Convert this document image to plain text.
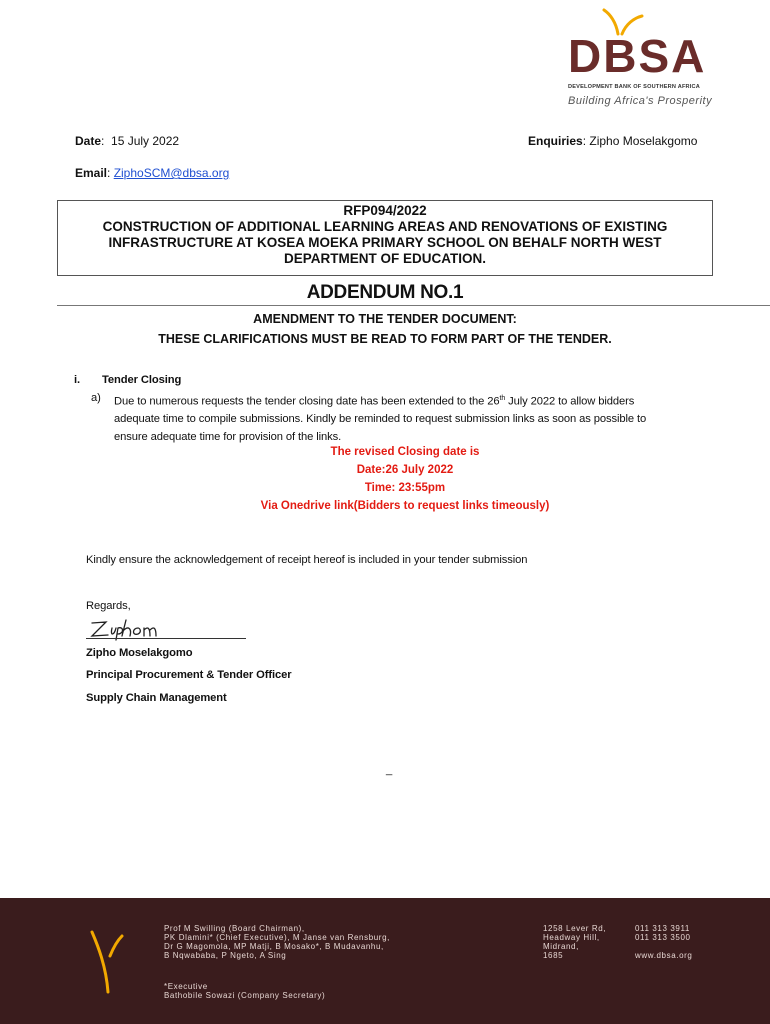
DBSA
DEVELOPMENT BANK OF SOUTHERN AFRICA
Building Africa's Prosperity
Date:  15 July 2022	Enquiries: Zipho Moselakgomo
Email: ZiphoSCM@dbsa.org
RFP094/2022
CONSTRUCTION OF ADDITIONAL LEARNING AREAS AND RENOVATIONS OF EXISTING
INFRASTRUCTURE AT KOSEA MOEKA PRIMARY SCHOOL ON BEHALF NORTH WEST
DEPARTMENT OF EDUCATION.
ADDENDUM NO.1
AMENDMENT TO THE TENDER DOCUMENT:
THESE CLARIFICATIONS MUST BE READ TO FORM PART OF THE TENDER.
i. Tender Closing
a) Due to numerous requests the tender closing date has been extended to the 26th July 2022 to allow bidders
adequate time to compile submissions. Kindly be reminded to request submission links as soon as possible to
ensure adequate time for provision of the links.
The revised Closing date is
Date:26 July 2022
Time: 23:55pm
Via Onedrive link(Bidders to request links timeously)
Kindly ensure the acknowledgement of receipt hereof is included in your tender submission
Regards,
Zipho Moselakgomo
Principal Procurement & Tender Officer
Supply Chain Management
_
Prof M Swilling (Board Chairman),
PK Dlamini* (Chief Executive), M Janse van Rensburg,
Dr G Magomola, MP Matji, B Mosako*, B Mudavanhu,
B Nqwababa, P Ngeto, A Sing
*Executive
Bathobile Sowazi (Company Secretary)
1258 Lever Rd,
Headway Hill,
Midrand,
1685
011 313 3911
011 313 3500
www.dbsa.org
